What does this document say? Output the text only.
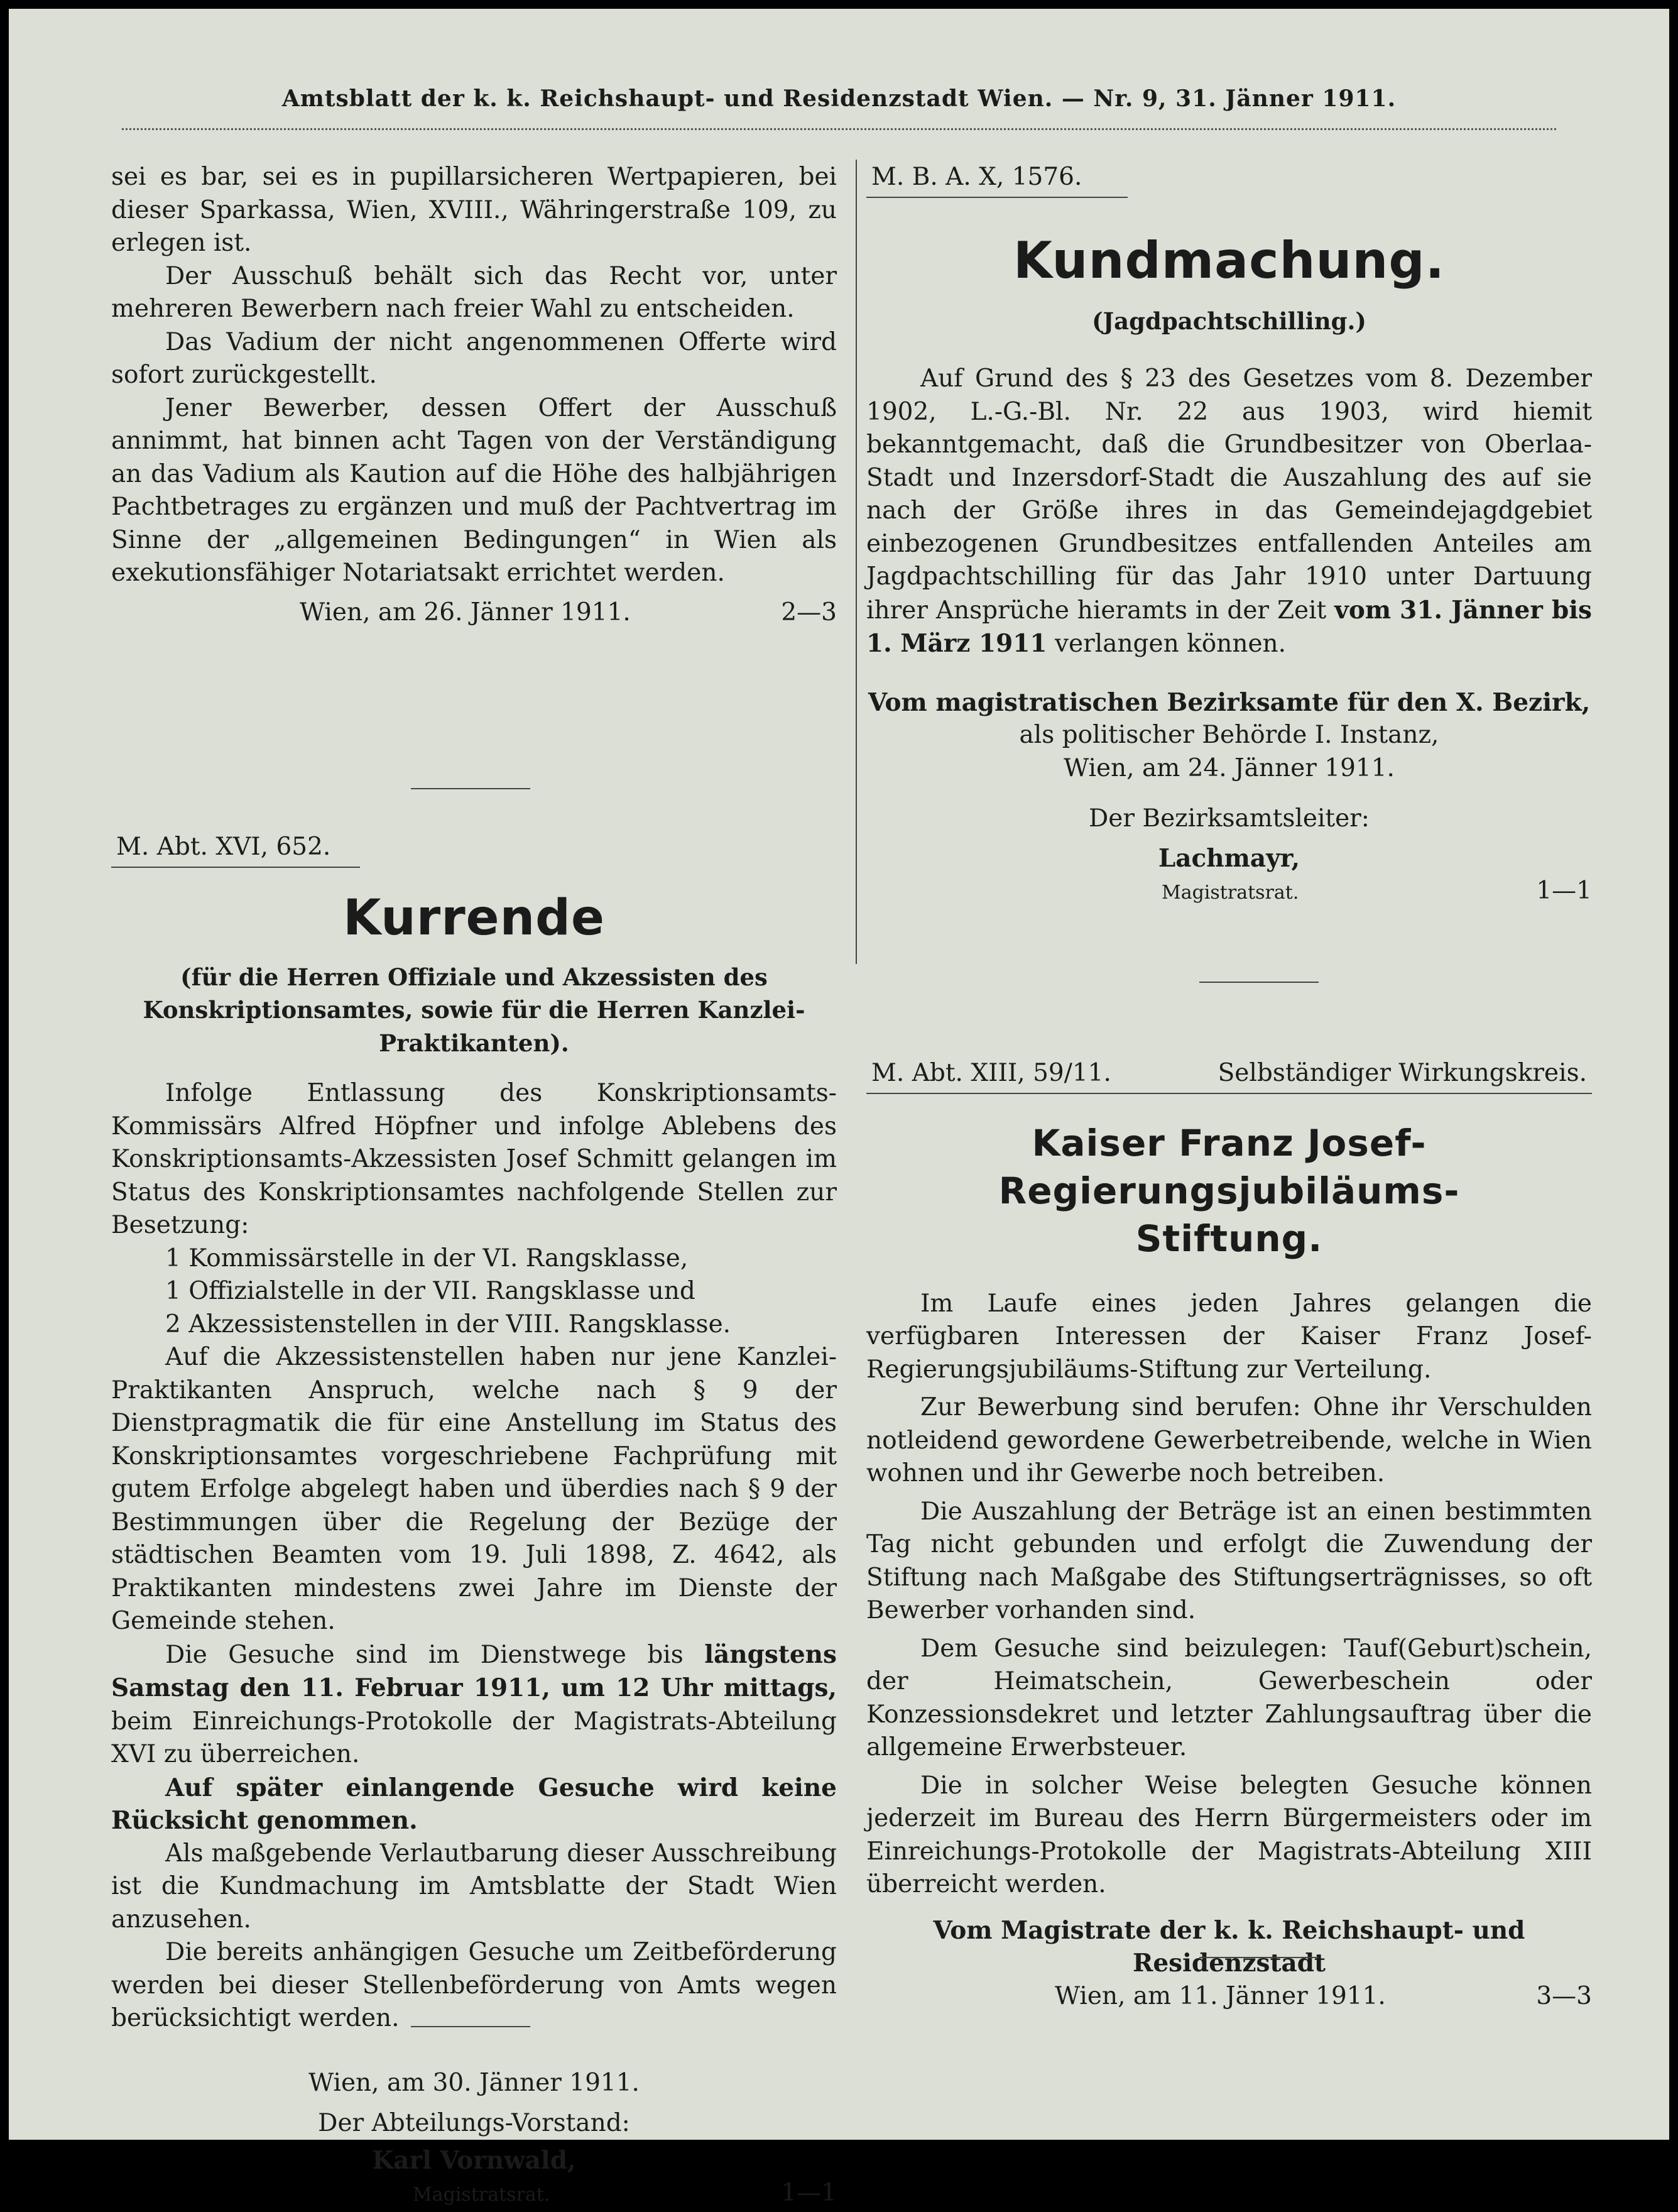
Amtsblatt der k. k. Reichshaupt- und Residenzstadt Wien. — Nr. 9, 31. Jänner 1911.

sei es bar, sei es in pupillarsicheren Wertpapieren, bei dieser Sparkassa, Wien, XVIII., Währingerstraße 109, zu erlegen ist.

Der Ausschuß behält sich das Recht vor, unter mehreren Bewerbern nach freier Wahl zu entscheiden.

Das Vadium der nicht angenommenen Offerte wird sofort zurückgestellt.

Jener Bewerber, dessen Offert der Ausschuß annimmt, hat binnen acht Tagen von der Verständigung an das Vadium als Kaution auf die Höhe des halbjährigen Pachtbetrages zu ergänzen und muß der Pachtvertrag im Sinne der „allgemeinen Bedingungen“ in Wien als exekutionsfähiger Notariatsakt errichtet werden.

Wien, am 26. Jänner 1911.	2—3
M. Abt. XVI, 652.
Kurrende
(für die Herren Offiziale und Akzessisten des Konskriptionsamtes, sowie für die Herren Kanzlei-Praktikanten).

Infolge Entlassung des Konskriptionsamts-Kommissärs Alfred Höpfner und infolge Ablebens des Konskriptionsamts-Akzessisten Josef Schmitt gelangen im Status des Konskriptionsamtes nachfolgende Stellen zur Besetzung:

1 Kommissärstelle in der VI. Rangsklasse,
1 Offizialstelle in der VII. Rangsklasse und
2 Akzessistenstellen in der VIII. Rangsklasse.

Auf die Akzessistenstellen haben nur jene Kanzlei-Praktikanten Anspruch, welche nach § 9 der Dienstpragmatik die für eine Anstellung im Status des Konskriptionsamtes vorgeschriebene Fachprüfung mit gutem Erfolge abgelegt haben und überdies nach § 9 der Bestimmungen über die Regelung der Bezüge der städtischen Beamten vom 19. Juli 1898, Z. 4642, als Praktikanten mindestens zwei Jahre im Dienste der Gemeinde stehen.

Die Gesuche sind im Dienstwege bis längstens Samstag den 11. Februar 1911, um 12 Uhr mittags, beim Einreichungs-Protokolle der Magistrats-Abteilung XVI zu überreichen.

Auf später einlangende Gesuche wird keine Rücksicht genommen.

Als maßgebende Verlautbarung dieser Ausschreibung ist die Kundmachung im Amtsblatte der Stadt Wien anzusehen.

Die bereits anhängigen Gesuche um Zeitbeförderung werden bei dieser Stellenbeförderung von Amts wegen berücksichtigt werden.

Wien, am 30. Jänner 1911.
Der Abteilungs-Vorstand:
Karl Vornwald,
Magistratsrat.	1—1
M. B. A. X, 1576.
Kundmachung.
(Jagdpachtschilling.)

Auf Grund des § 23 des Gesetzes vom 8. Dezember 1902, L.-G.-Bl. Nr. 22 aus 1903, wird hiemit bekanntgemacht, daß die Grundbesitzer von Oberlaa-Stadt und Inzersdorf-Stadt die Auszahlung des auf sie nach der Größe ihres in das Gemeindejagdgebiet einbezogenen Grundbesitzes entfallenden Anteiles am Jagdpachtschilling für das Jahr 1910 unter Dartuung ihrer Ansprüche hieramts in der Zeit vom 31. Jänner bis 1. März 1911 verlangen können.

Vom magistratischen Bezirksamte für den X. Bezirk,
als politischer Behörde I. Instanz,
Wien, am 24. Jänner 1911.
Der Bezirksamtsleiter:
Lachmayr,
Magistratsrat.	1—1
M. Abt. XIII, 59/11.	Selbständiger Wirkungskreis.
Kaiser Franz Josef-Regierungsjubiläums-
Stiftung.

Im Laufe eines jeden Jahres gelangen die verfügbaren Interessen der Kaiser Franz Josef-Regierungsjubiläums-Stiftung zur Verteilung.

Zur Bewerbung sind berufen: Ohne ihr Verschulden notleidend gewordene Gewerbetreibende, welche in Wien wohnen und ihr Gewerbe noch betreiben.

Die Auszahlung der Beträge ist an einen bestimmten Tag nicht gebunden und erfolgt die Zuwendung der Stiftung nach Maßgabe des Stiftungserträgnisses, so oft Bewerber vorhanden sind.

Dem Gesuche sind beizulegen: Tauf(Geburt)schein, der Heimatschein, Gewerbeschein oder Konzessionsdekret und letzter Zahlungsauftrag über die allgemeine Erwerbsteuer.

Die in solcher Weise belegten Gesuche können jederzeit im Bureau des Herrn Bürgermeisters oder im Einreichungs-Protokolle der Magistrats-Abteilung XIII überreicht werden.

Vom Magistrate der k. k. Reichshaupt- und Residenzstadt
Wien, am 11. Jänner 1911.	3—3
